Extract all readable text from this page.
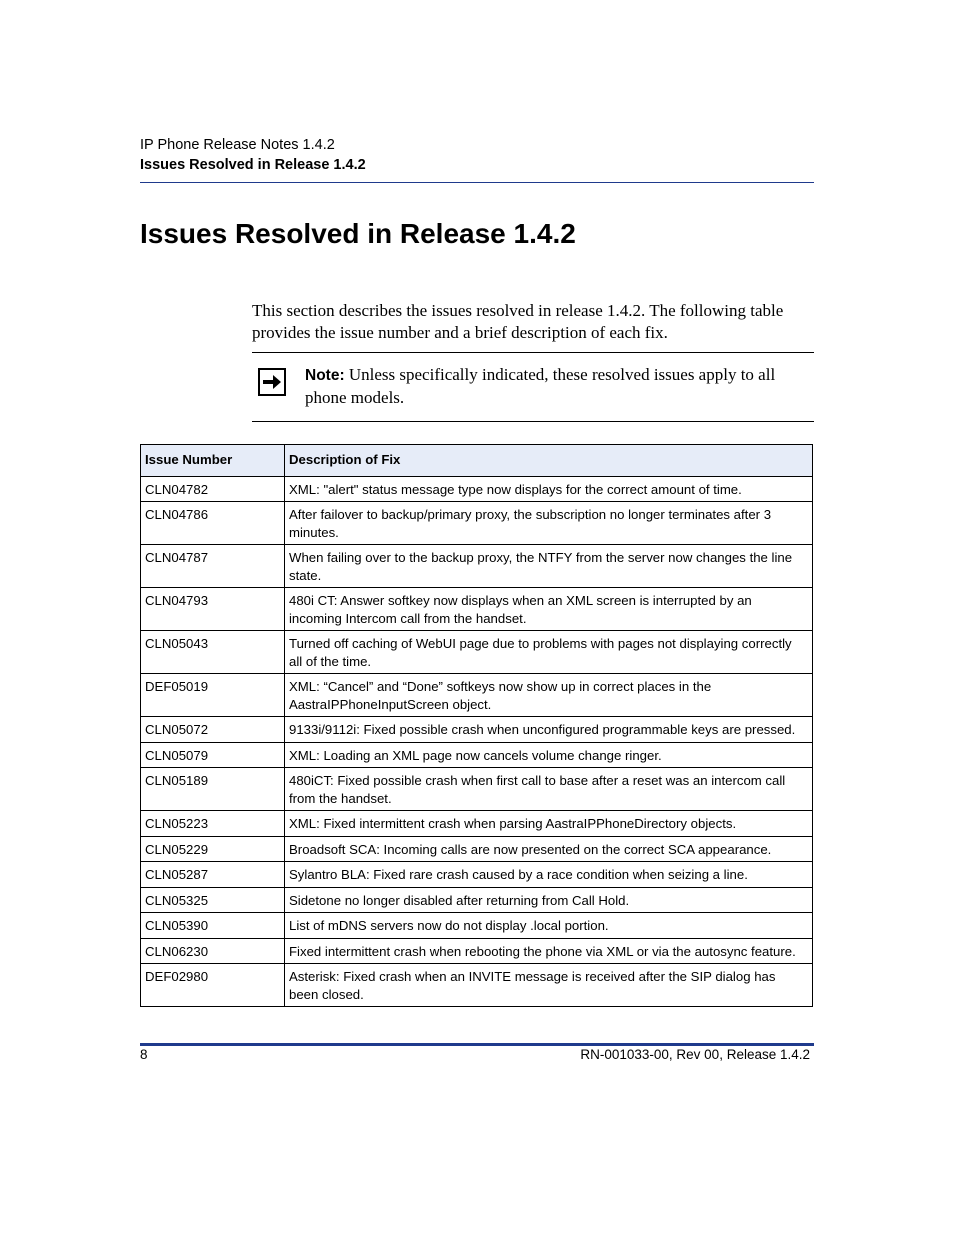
IP Phone Release Notes 1.4.2
Issues Resolved in Release 1.4.2
Issues Resolved in Release 1.4.2

This section describes the issues resolved in release 1.4.2. The following table provides the issue number and a brief description of each fix.

Note: Unless specifically indicated, these resolved issues apply to all phone models.

Issue Number	Description of Fix
CLN04782	XML: "alert" status message type now displays for the correct amount of time.
CLN04786	After failover to backup/primary proxy, the subscription no longer terminates after 3 minutes.
CLN04787	When failing over to the backup proxy, the NTFY from the server now changes the line state.
CLN04793	480i CT: Answer softkey now displays when an XML screen is interrupted by an incoming Intercom call from the handset.
CLN05043	Turned off caching of WebUI page due to problems with pages not displaying correctly all of the time.
DEF05019	XML: “Cancel” and “Done” softkeys now show up in correct places in the AastraIPPhoneInputScreen object.
CLN05072	9133i/9112i: Fixed possible crash when unconfigured programmable keys are pressed.
CLN05079	XML: Loading an XML page now cancels volume change ringer.
CLN05189	480iCT: Fixed possible crash when first call to base after a reset was an intercom call from the handset.
CLN05223	XML: Fixed intermittent crash when parsing AastraIPPhoneDirectory objects.
CLN05229	Broadsoft SCA: Incoming calls are now presented on the correct SCA appearance.
CLN05287	Sylantro BLA: Fixed rare crash caused by a race condition when seizing a line.
CLN05325	Sidetone no longer disabled after returning from Call Hold.
CLN05390	List of mDNS servers now do not display .local portion.
CLN06230	Fixed intermittent crash when rebooting the phone via XML or via the autosync feature.
DEF02980	Asterisk: Fixed crash when an INVITE message is received after the SIP dialog has been closed.
8	RN-001033-00, Rev 00, Release 1.4.2
